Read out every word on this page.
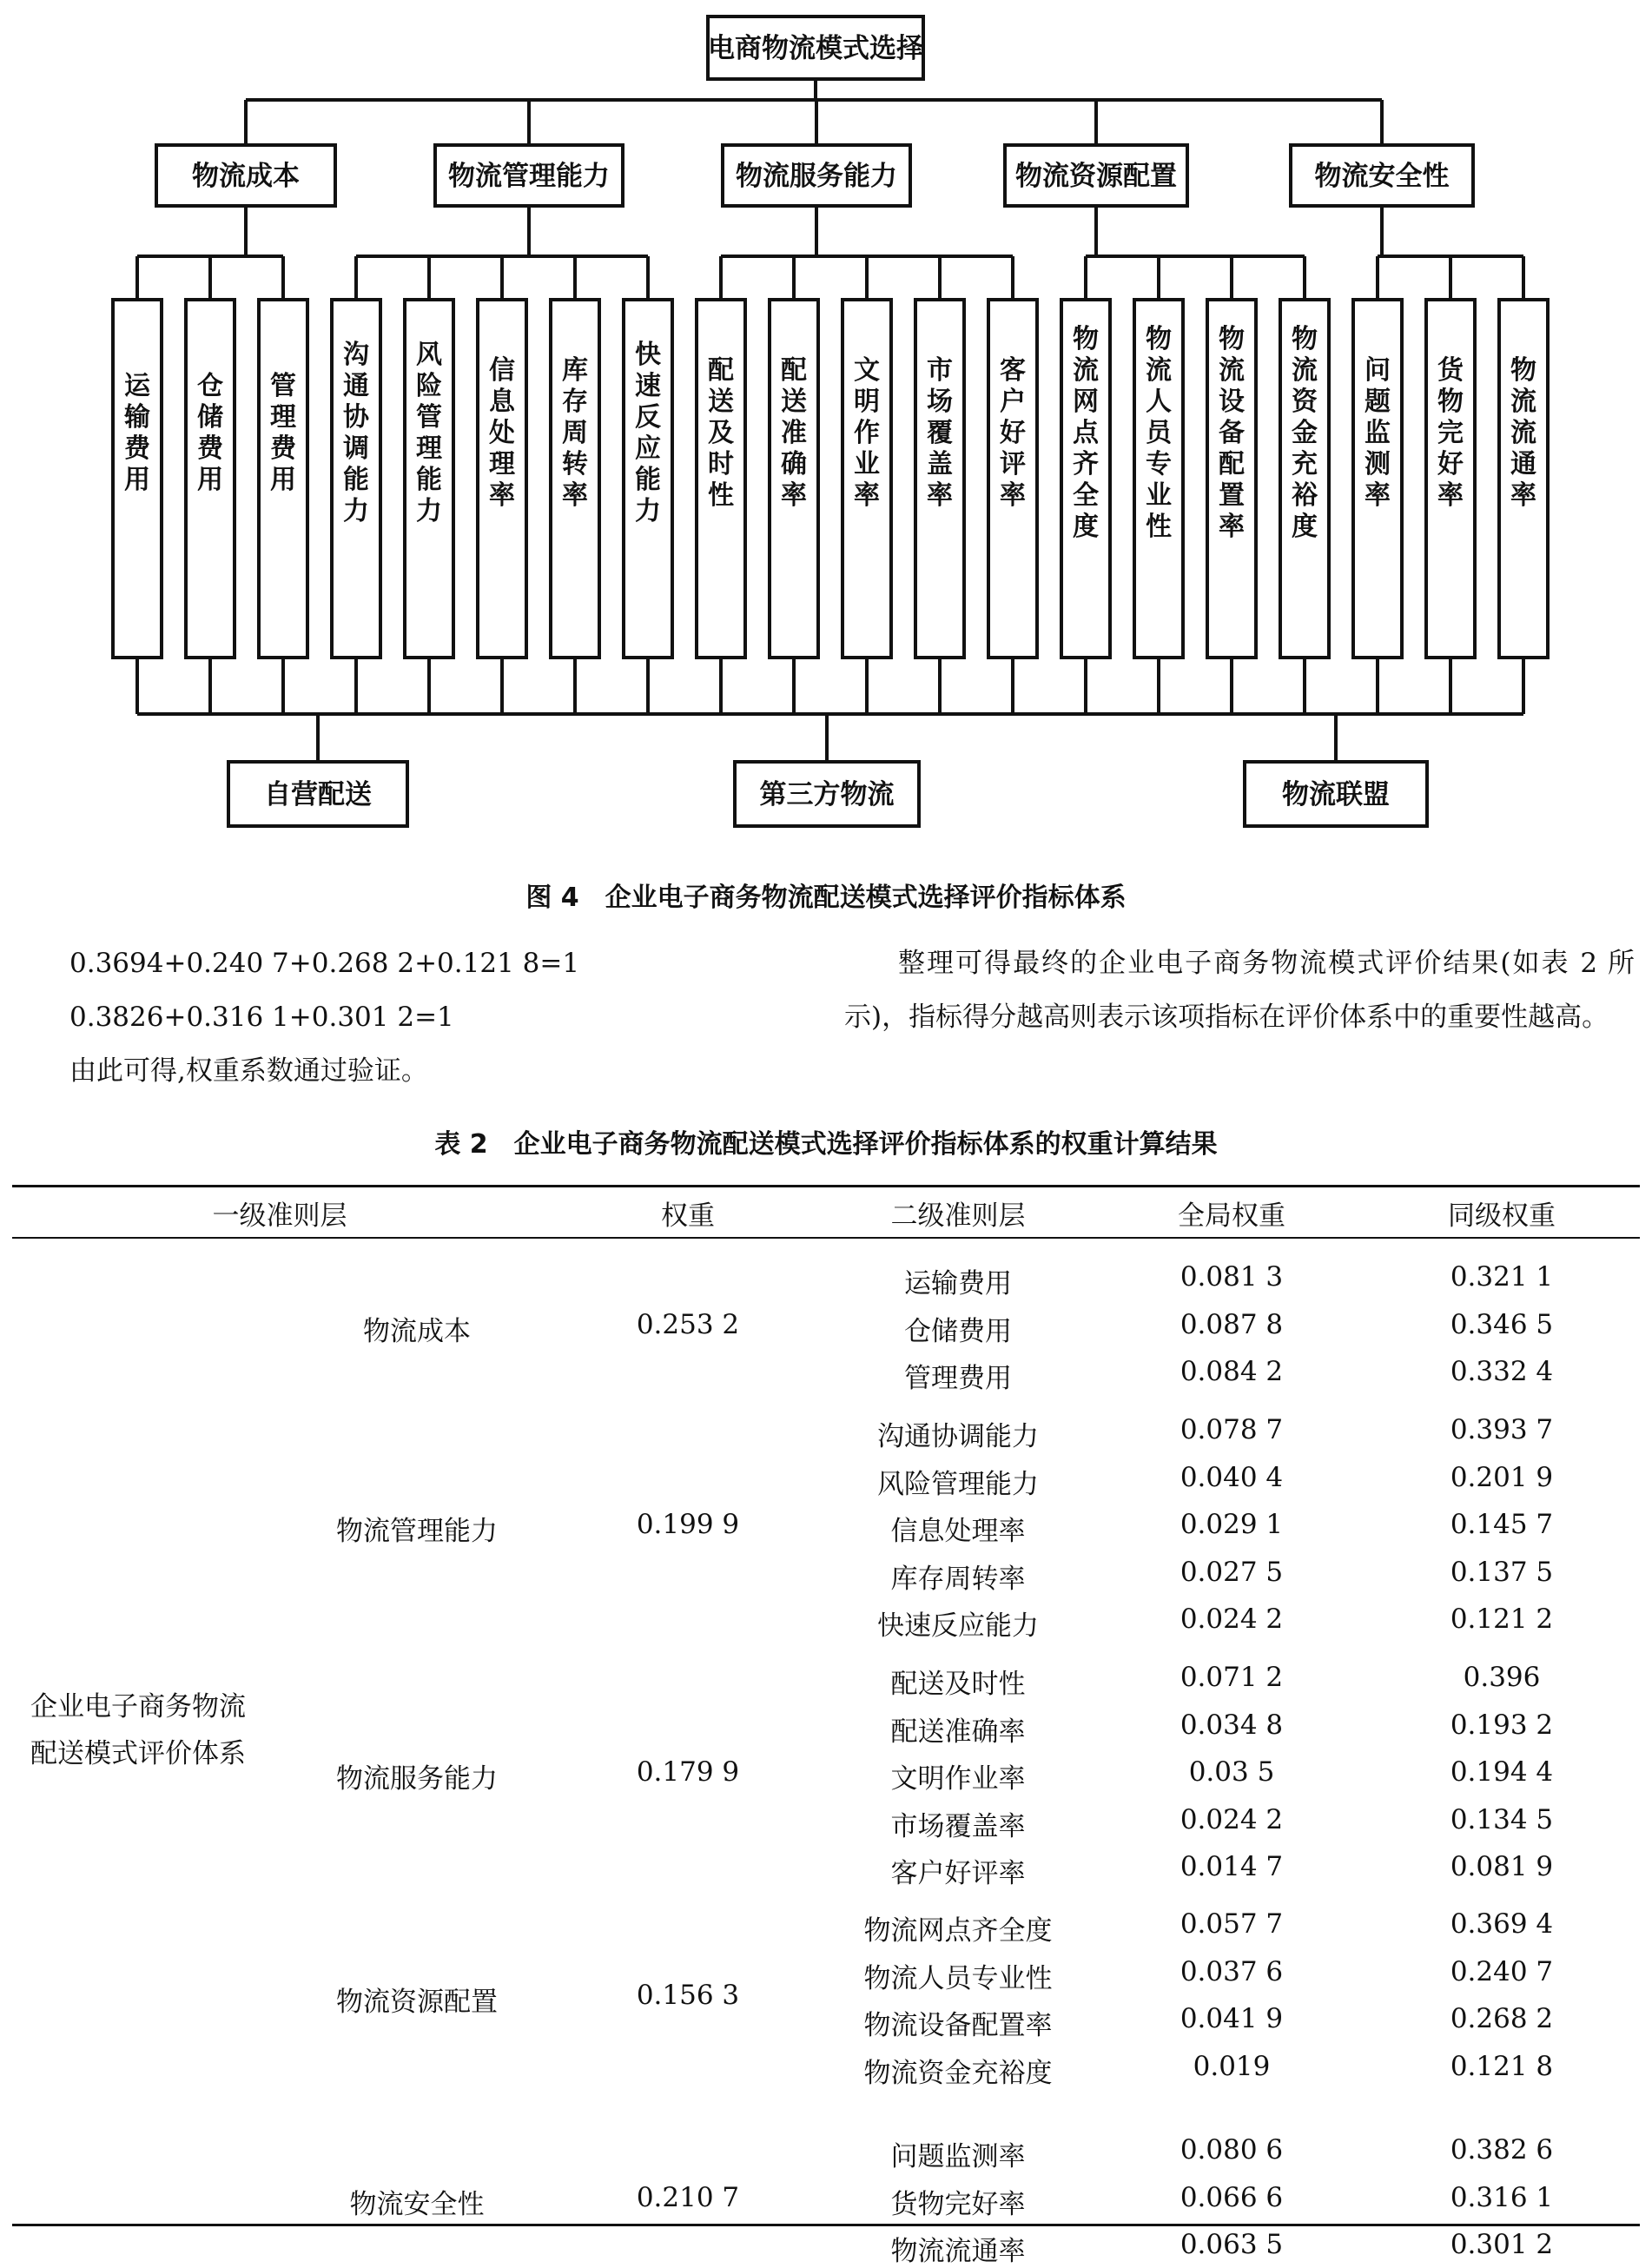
电商物流模式选择
物流成本	物流管理能力	物流服务能力	物流资源配置	物流安全性
运输费用
仓储费用
管理费用
沟通协调能力
风险管理能力
信息处理率
库存周转率
快速反应能力
配送及时性
配送准确率
文明作业率
市场覆盖率
客户好评率
物流网点齐全度
物流人员专业性
物流设备配置率
物流资金充裕度
问题监测率
货物完好率
物流流通率
自营配送	第三方物流	物流联盟
图 4　企业电子商务物流配送模式选择评价指标体系
0.3694+0.240 7+0.268 2+0.121 8=1
0.3826+0.316 1+0.301 2=1
由此可得,权重系数通过验证。

整理可得最终的企业电子商务物流模式评价结果(如表 2 所示)，指标得分越高则表示该项指标在评价体系中的重要性越高。

表 2　企业电子商务物流配送模式选择评价指标体系的权重计算结果
一级准则层	权重	二级准则层	全局权重	同级权重
企业电子商务物流
配送模式评价体系
物流成本	0.253 2
运输费用	0.081 3	0.321 1
仓储费用	0.087 8	0.346 5
管理费用	0.084 2	0.332 4
物流管理能力	0.199 9
沟通协调能力	0.078 7	0.393 7
风险管理能力	0.040 4	0.201 9
信息处理率	0.029 1	0.145 7
库存周转率	0.027 5	0.137 5
快速反应能力	0.024 2	0.121 2
物流服务能力	0.179 9
配送及时性	0.071 2	0.396
配送准确率	0.034 8	0.193 2
文明作业率	0.03 5	0.194 4
市场覆盖率	0.024 2	0.134 5
客户好评率	0.014 7	0.081 9
物流资源配置	0.156 3
物流网点齐全度	0.057 7	0.369 4
物流人员专业性	0.037 6	0.240 7
物流设备配置率	0.041 9	0.268 2
物流资金充裕度	0.019	0.121 8
物流安全性	0.210 7
问题监测率	0.080 6	0.382 6
货物完好率	0.066 6	0.316 1
物流流通率	0.063 5	0.301 2
